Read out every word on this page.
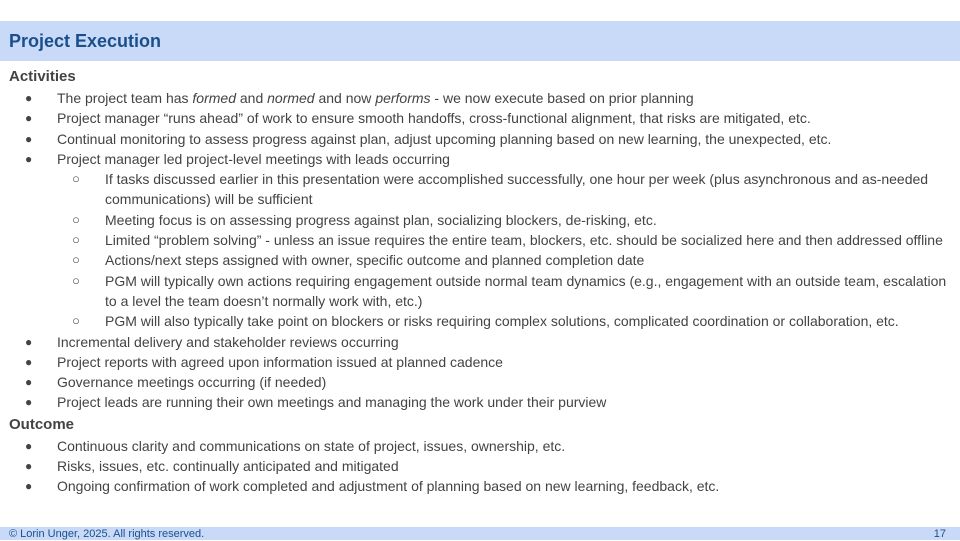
Project Execution
Activities
● The project team has formed and normed and now performs - we now execute based on prior planning
● Project manager “runs ahead” of work to ensure smooth handoffs, cross-functional alignment, that risks are mitigated, etc.
● Continual monitoring to assess progress against plan, adjust upcoming planning based on new learning, the unexpected, etc.
● Project manager led project-level meetings with leads occurring
○ If tasks discussed earlier in this presentation were accomplished successfully, one hour per week (plus asynchronous and as-needed communications) will be sufficient
○ Meeting focus is on assessing progress against plan, socializing blockers, de-risking, etc.
○ Limited “problem solving” - unless an issue requires the entire team, blockers, etc. should be socialized here and then addressed offline
○ Actions/next steps assigned with owner, specific outcome and planned completion date
○ PGM will typically own actions requiring engagement outside normal team dynamics (e.g., engagement with an outside team, escalation to a level the team doesn’t normally work with, etc.)
○ PGM will also typically take point on blockers or risks requiring complex solutions, complicated coordination or collaboration, etc.
● Incremental delivery and stakeholder reviews occurring
● Project reports with agreed upon information issued at planned cadence
● Governance meetings occurring (if needed)
● Project leads are running their own meetings and managing the work under their purview
Outcome
● Continuous clarity and communications on state of project, issues, ownership, etc.
● Risks, issues, etc. continually anticipated and mitigated
● Ongoing confirmation of work completed and adjustment of planning based on new learning, feedback, etc.
© Lorin Unger, 2025. All rights reserved.	17
